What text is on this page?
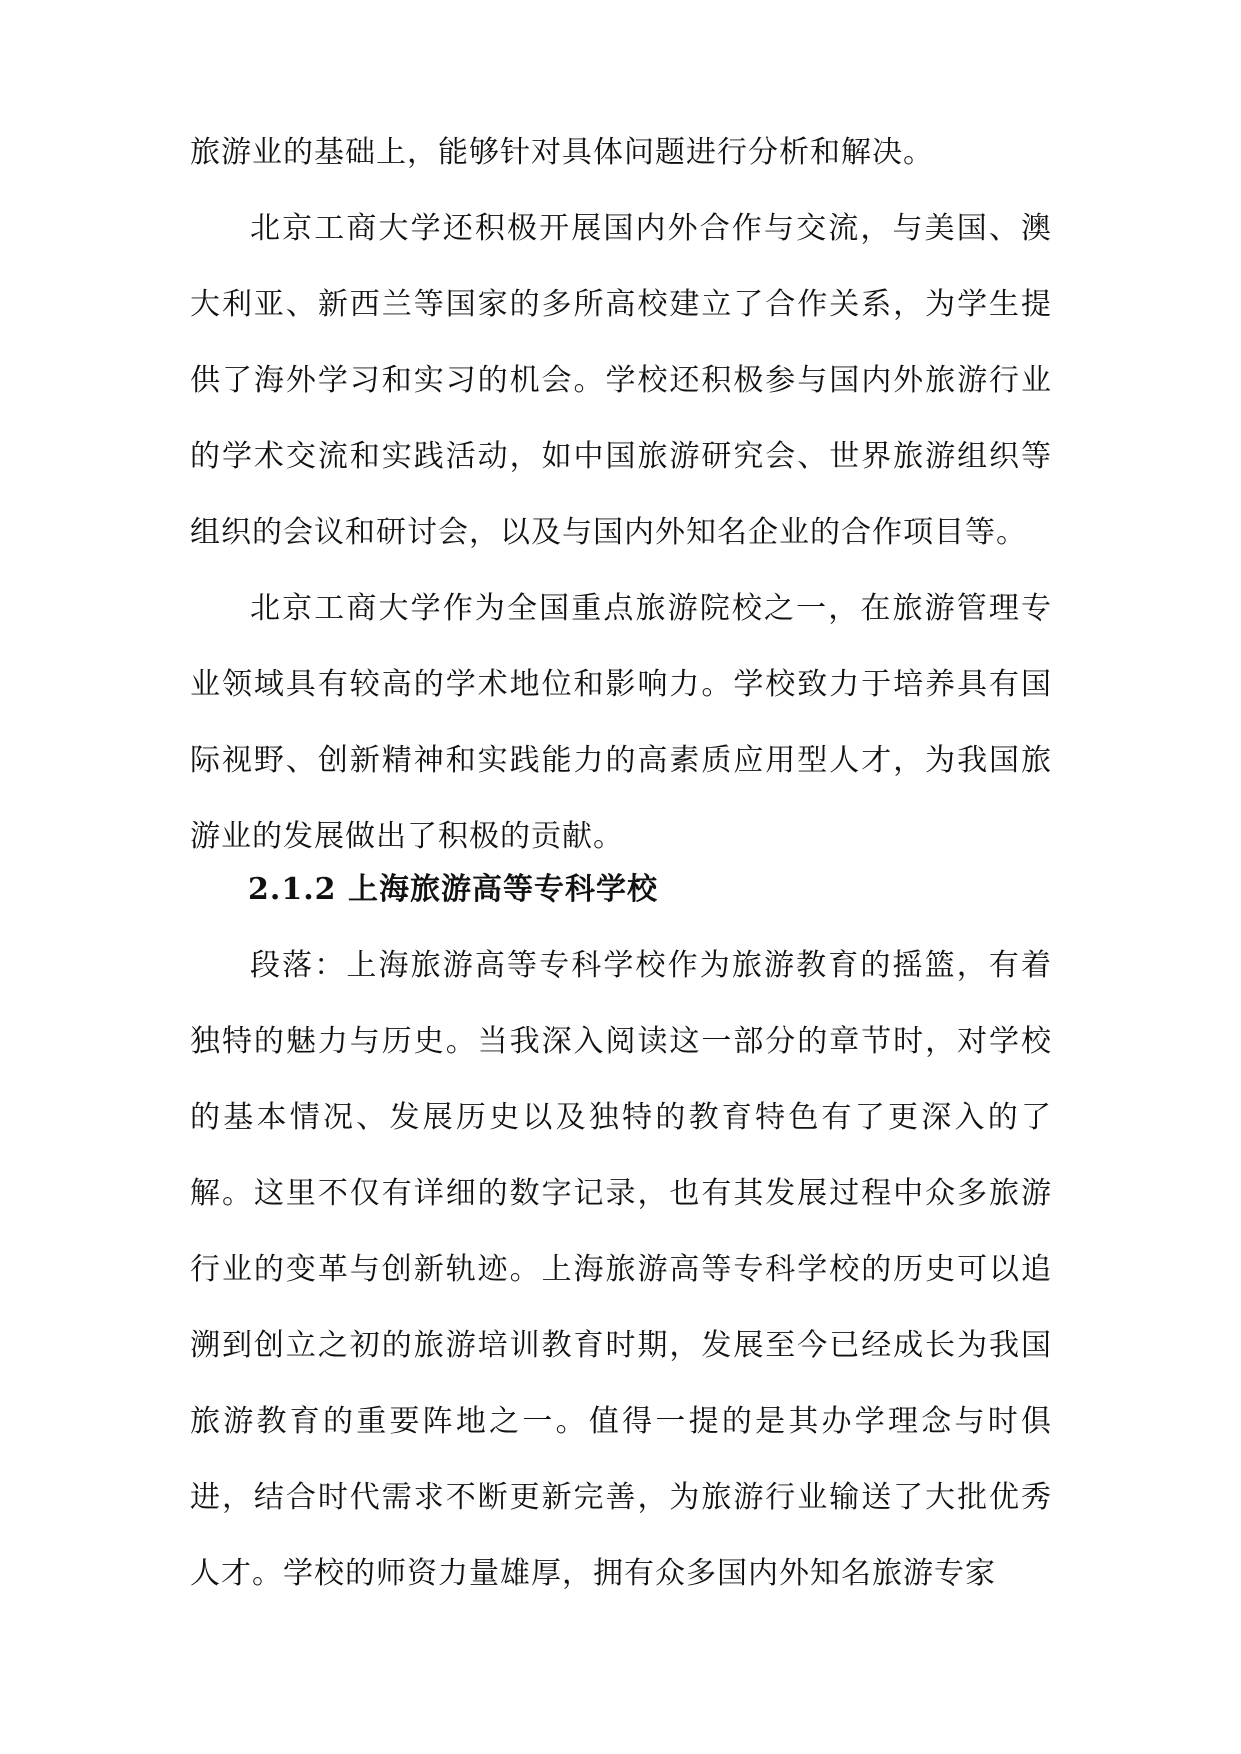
旅游业的基础上，能够针对具体问题进行分析和解决。

北京工商大学还积极开展国内外合作与交流，与美国、澳大利亚、新西兰等国家的多所高校建立了合作关系，为学生提供了海外学习和实习的机会。学校还积极参与国内外旅游行业的学术交流和实践活动，如中国旅游研究会、世界旅游组织等组织的会议和研讨会，以及与国内外知名企业的合作项目等。

北京工商大学作为全国重点旅游院校之一，在旅游管理专业领域具有较高的学术地位和影响力。学校致力于培养具有国际视野、创新精神和实践能力的高素质应用型人才，为我国旅游业的发展做出了积极的贡献。

2.1.2 上海旅游高等专科学校

段落：上海旅游高等专科学校作为旅游教育的摇篮，有着独特的魅力与历史。当我深入阅读这一部分的章节时，对学校的基本情况、发展历史以及独特的教育特色有了更深入的了解。这里不仅有详细的数字记录，也有其发展过程中众多旅游行业的变革与创新轨迹。上海旅游高等专科学校的历史可以追溯到创立之初的旅游培训教育时期，发展至今已经成长为我国旅游教育的重要阵地之一。值得一提的是其办学理念与时俱进，结合时代需求不断更新完善，为旅游行业输送了大批优秀人才。学校的师资力量雄厚，拥有众多国内外知名旅游专家
